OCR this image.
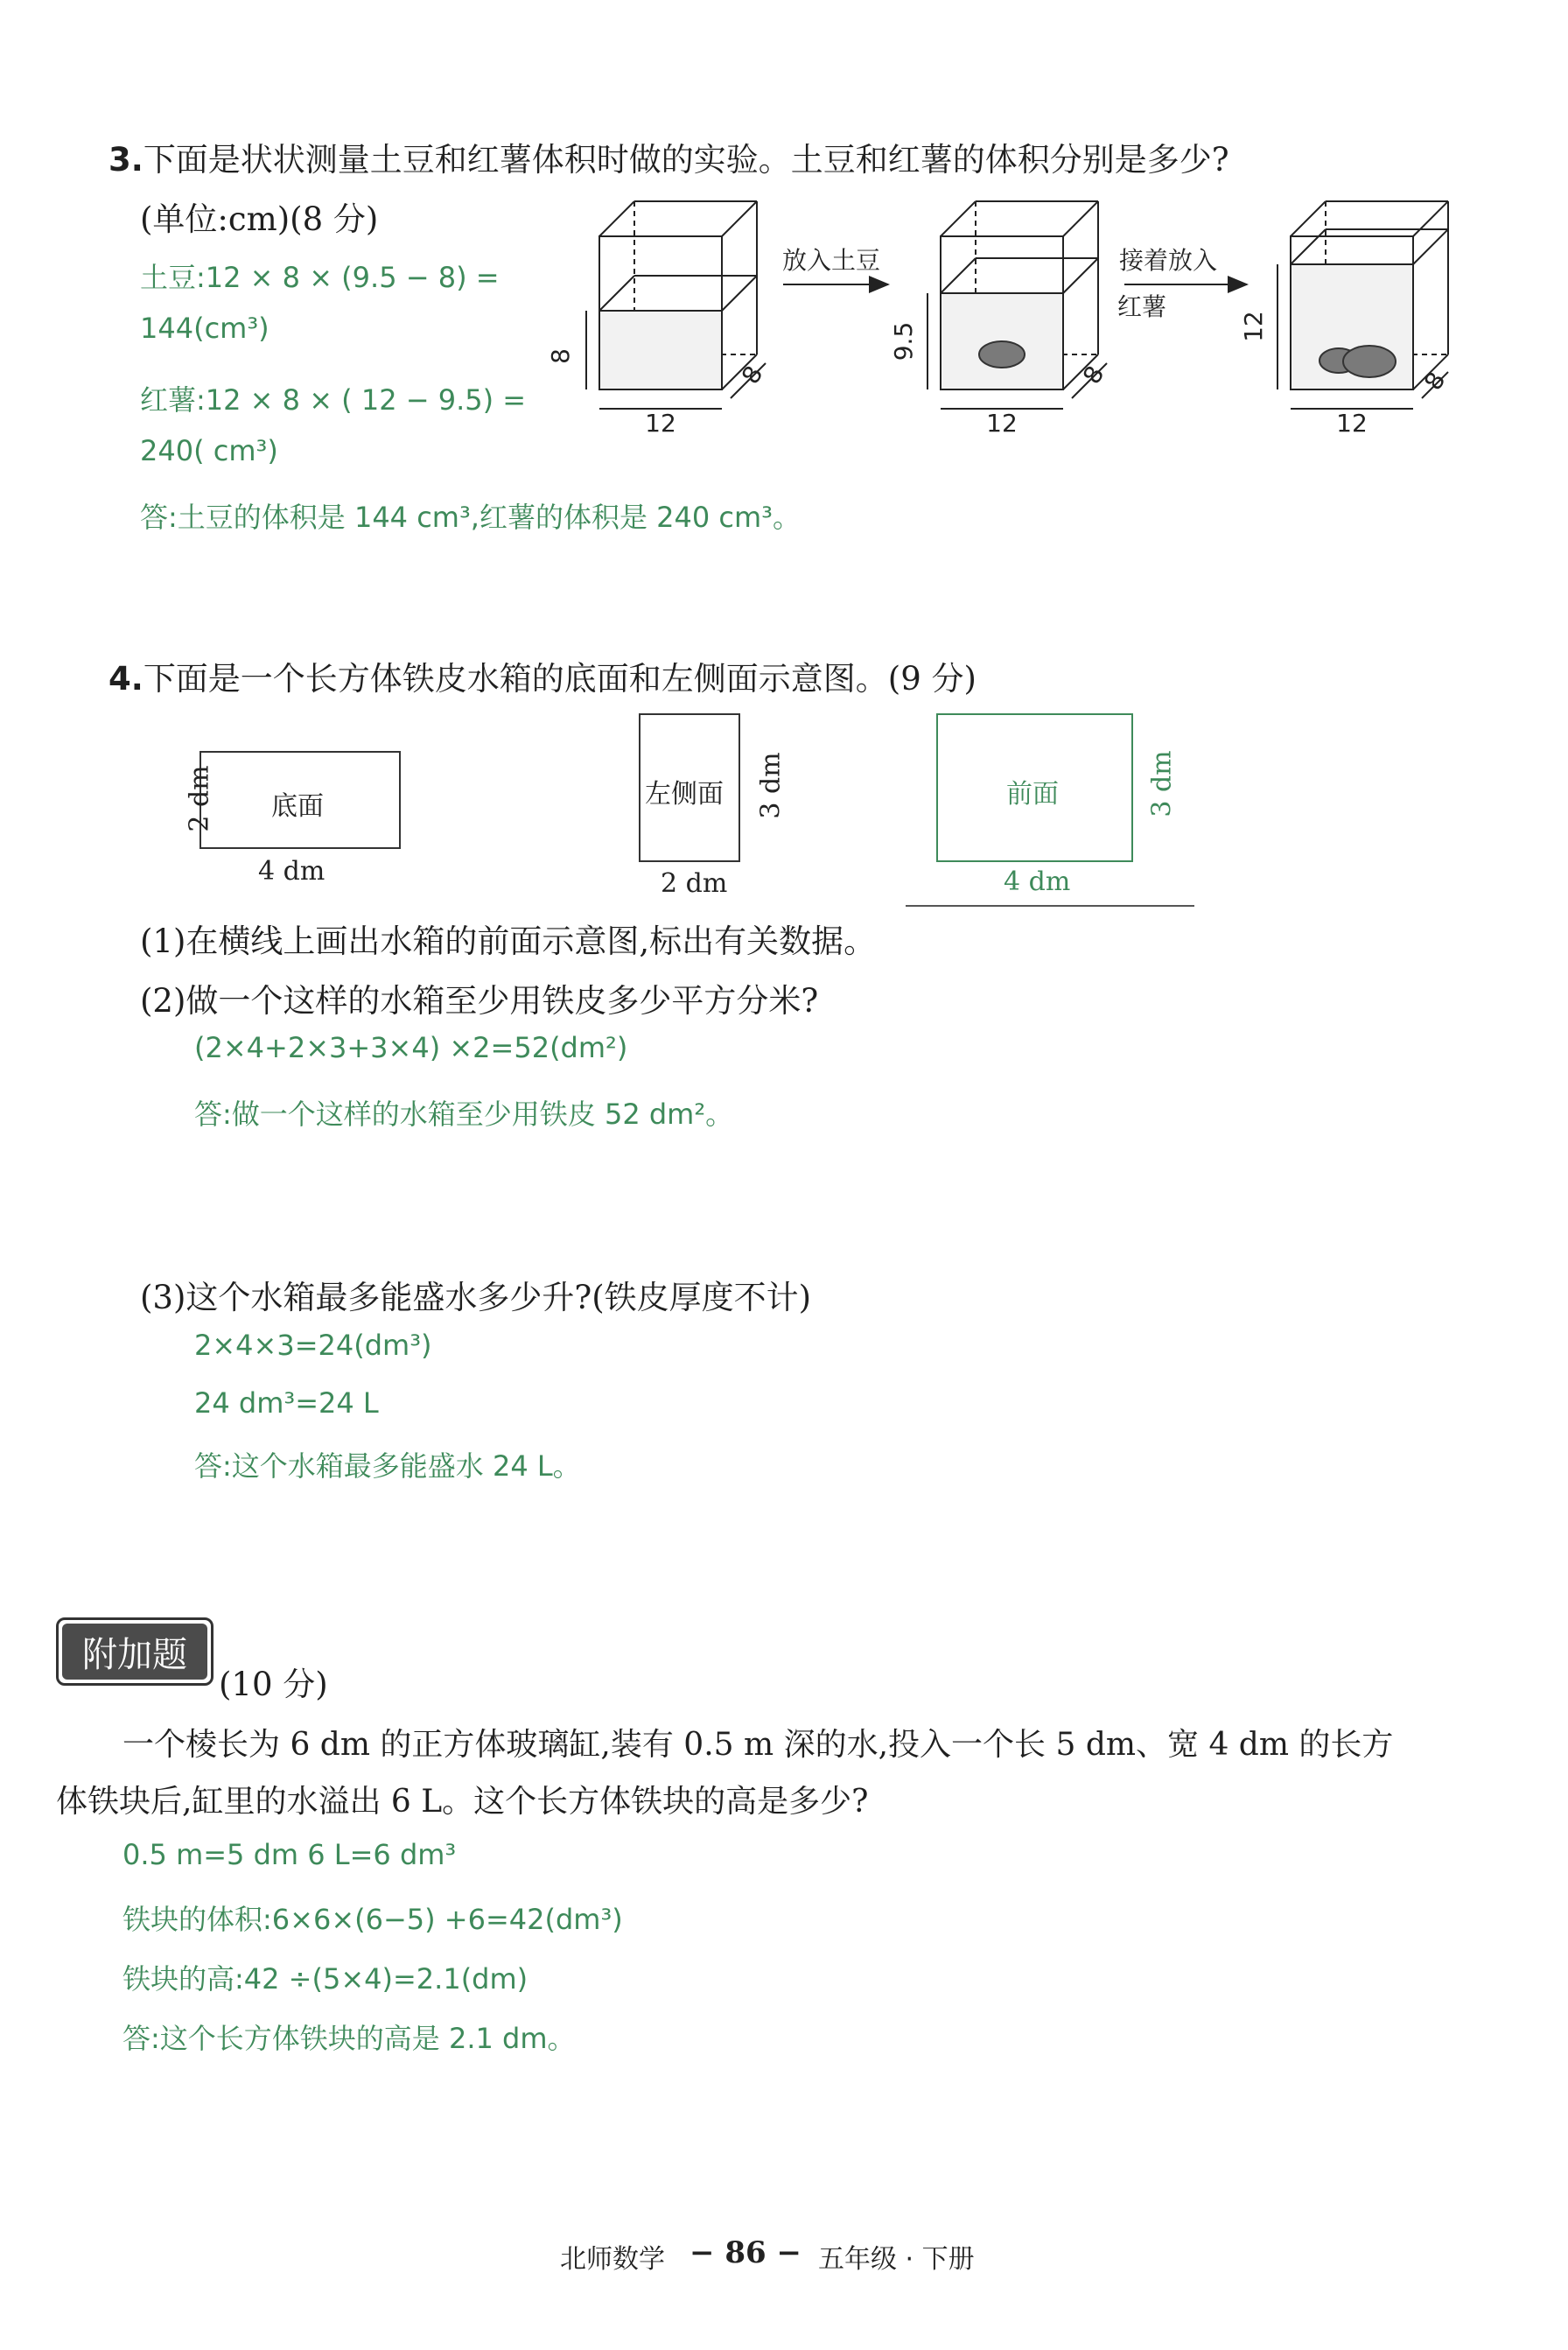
3.下面是状状测量土豆和红薯体积时做的实验。土豆和红薯的体积分别是多少?
(单位:cm)(8 分)
土豆:12 × 8 × (9.5 − 8) =
144(cm³)
红薯:12 × 8 × ( 12 − 9.5) =
240( cm³)
答:土豆的体积是 144 cm³,红薯的体积是 240 cm³。
8
12
8
放入土豆
9.5
12
8
接着放入
红薯
12
12
8
4.下面是一个长方体铁皮水箱的底面和左侧面示意图。(9 分)
底面
2 dm
4 dm
左侧面 3 dm
2 dm
前面	3 dm
4 dm
(1)在横线上画出水箱的前面示意图,标出有关数据。
(2)做一个这样的水箱至少用铁皮多少平方分米?
(2×4+2×3+3×4) ×2=52(dm²)
答:做一个这样的水箱至少用铁皮 52 dm²。
(3)这个水箱最多能盛水多少升?(铁皮厚度不计)
2×4×3=24(dm³)
24 dm³=24 L
答:这个水箱最多能盛水 24 L。
附加题
(10 分)
一个棱长为 6 dm 的正方体玻璃缸,装有 0.5 m 深的水,投入一个长 5 dm、宽 4 dm 的长方
体铁块后,缸里的水溢出 6 L。这个长方体铁块的高是多少?
0.5 m=5 dm 6 L=6 dm³
铁块的体积:6×6×(6−5) +6=42(dm³)
铁块的高:42 ÷(5×4)=2.1(dm)
答:这个长方体铁块的高是 2.1 dm。
北师数学 − 86 − 五年级 · 下册
